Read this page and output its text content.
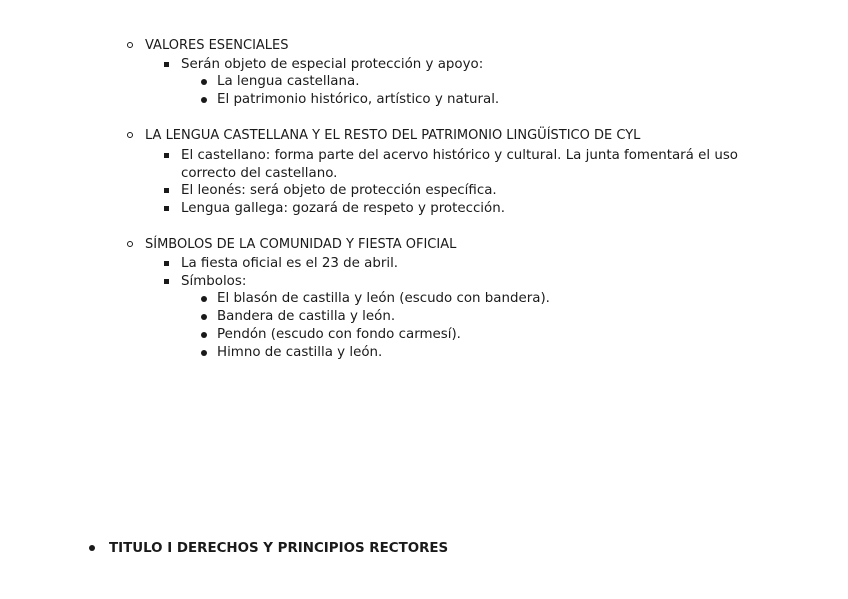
VALORES ESENCIALES
Serán objeto de especial protección y apoyo:
La lengua castellana.
El patrimonio histórico, artístico y natural.
LA LENGUA CASTELLANA Y EL RESTO DEL PATRIMONIO LINGÜÍSTICO DE CYL
El castellano: forma parte del acervo histórico y cultural. La junta fomentará el uso correcto del castellano.
El leonés: será objeto de protección específica.
Lengua gallega: gozará de respeto y protección.
SÍMBOLOS DE LA COMUNIDAD Y FIESTA OFICIAL
La fiesta oficial es el 23 de abril.
Símbolos:
El blasón de castilla y león (escudo con bandera).
Bandera de castilla y león.
Pendón (escudo con fondo carmesí).
Himno de castilla y león.
TITULO I DERECHOS Y PRINCIPIOS RECTORES
